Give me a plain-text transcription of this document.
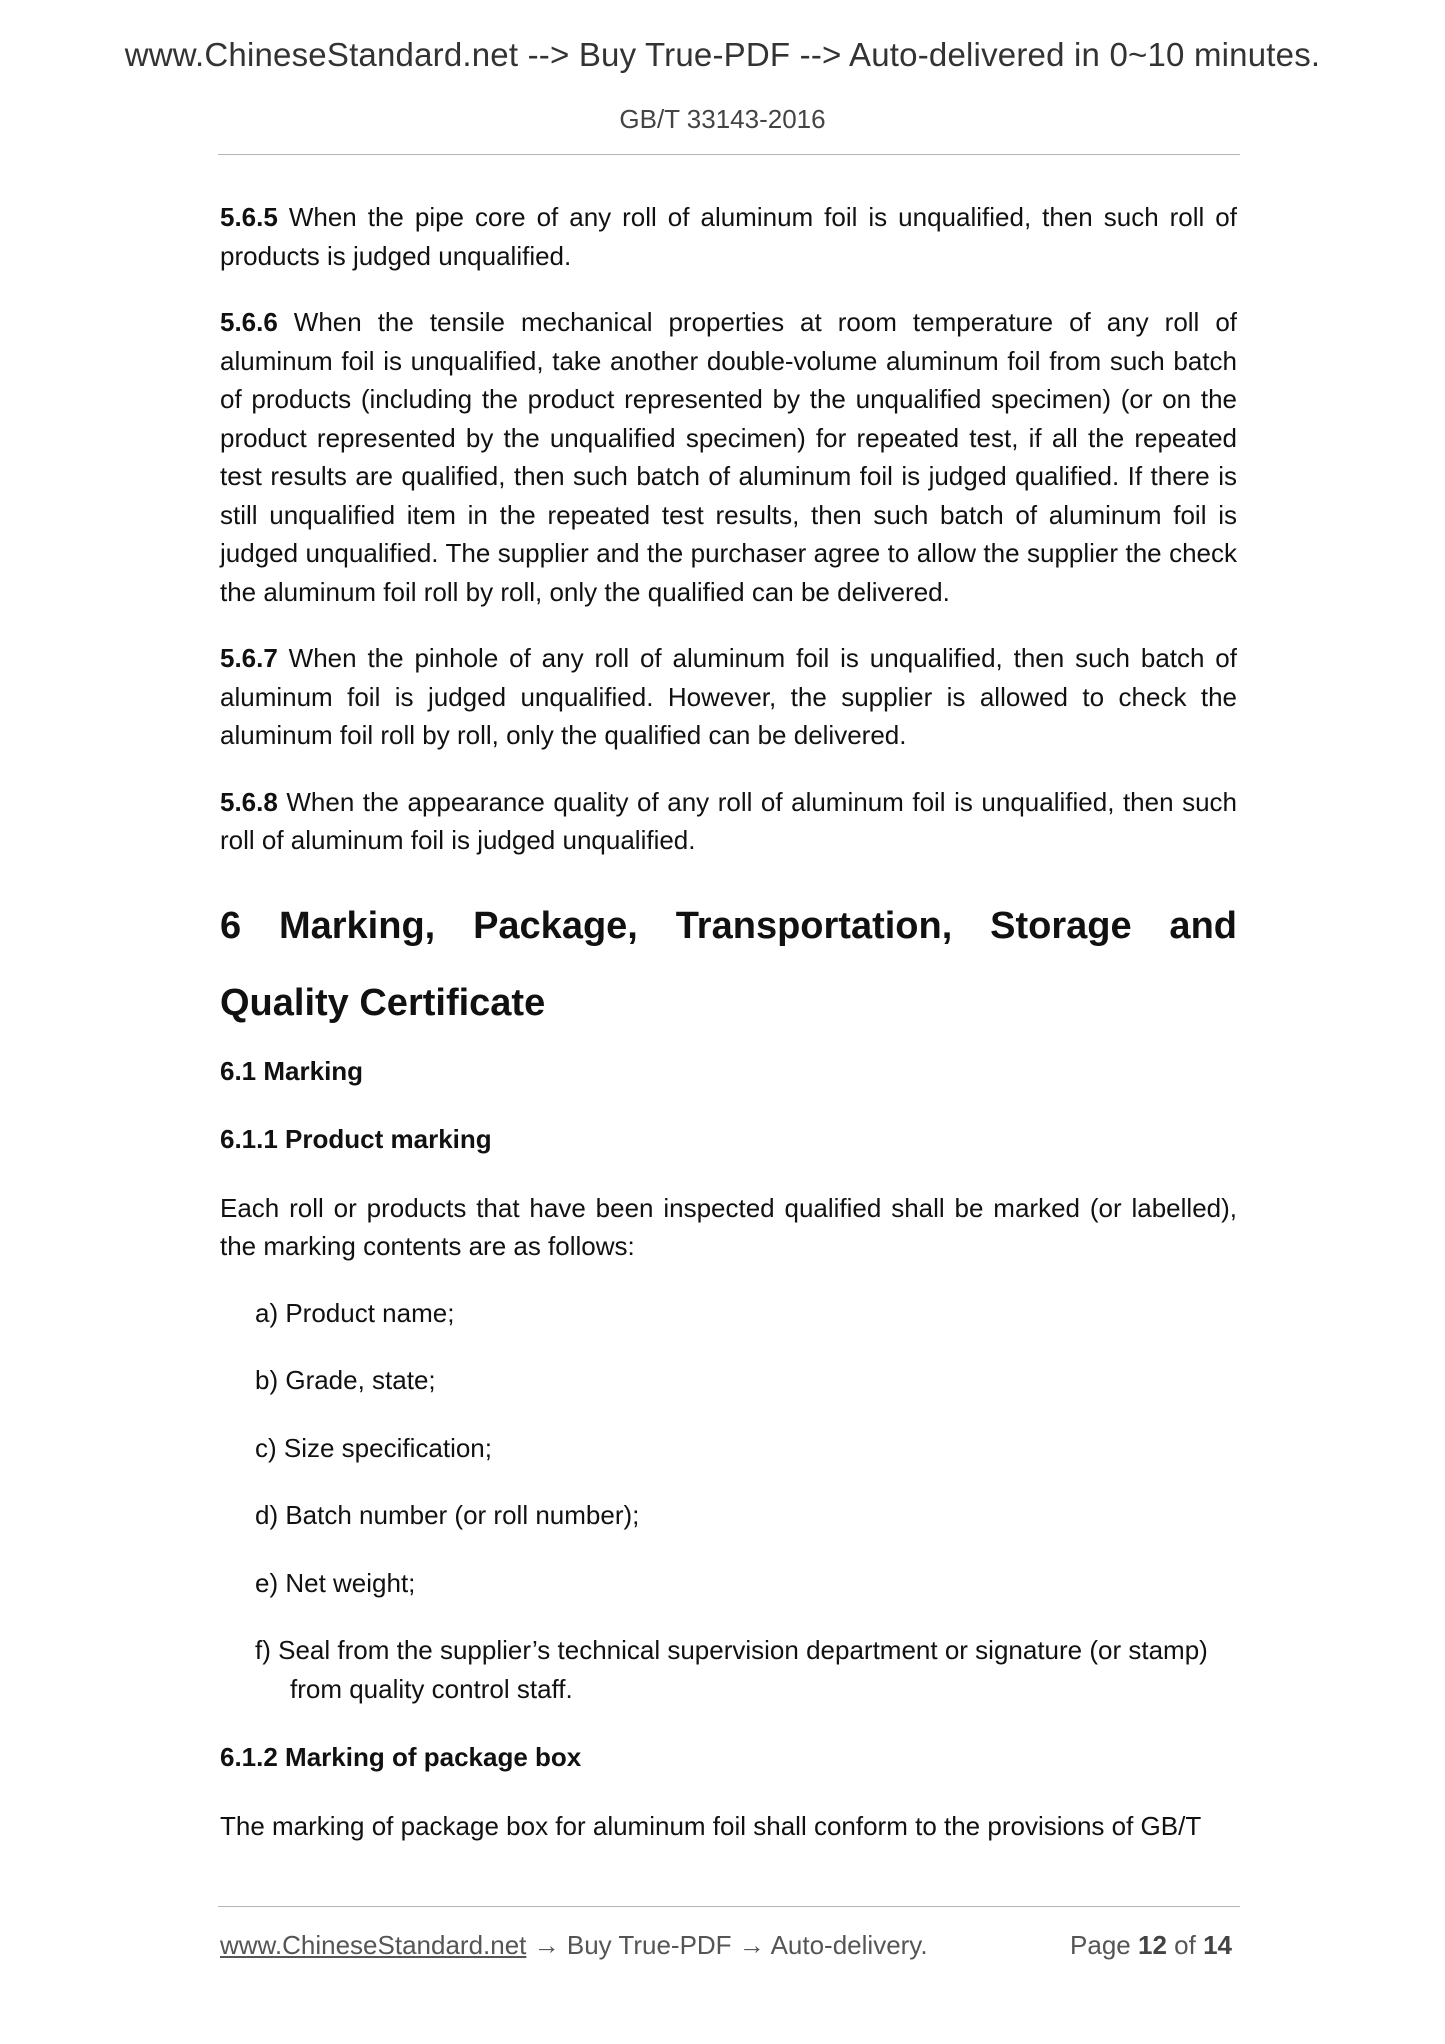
www.ChineseStandard.net --> Buy True-PDF --> Auto-delivered in 0~10 minutes.
GB/T 33143-2016

5.6.5 When the pipe core of any roll of aluminum foil is unqualified, then such roll of products is judged unqualified.

5.6.6 When the tensile mechanical properties at room temperature of any roll of aluminum foil is unqualified, take another double-volume aluminum foil from such batch of products (including the product represented by the unqualified specimen) (or on the product represented by the unqualified specimen) for repeated test, if all the repeated test results are qualified, then such batch of aluminum foil is judged qualified. If there is still unqualified item in the repeated test results, then such batch of aluminum foil is judged unqualified. The supplier and the purchaser agree to allow the supplier the check the aluminum foil roll by roll, only the qualified can be delivered.

5.6.7 When the pinhole of any roll of aluminum foil is unqualified, then such batch of aluminum foil is judged unqualified. However, the supplier is allowed to check the aluminum foil roll by roll, only the qualified can be delivered.

5.6.8 When the appearance quality of any roll of aluminum foil is unqualified, then such roll of aluminum foil is judged unqualified.

6 Marking, Package, Transportation, Storage and
Quality Certificate
6.1 Marking
6.1.1 Product marking

Each roll or products that have been inspected qualified shall be marked (or labelled), the marking contents are as follows:

a) Product name;
b) Grade, state;
c) Size specification;
d) Batch number (or roll number);
e) Net weight;
f) Seal from the supplier’s technical supervision department or signature (or stamp) from quality control staff.
6.1.2 Marking of package box

The marking of package box for aluminum foil shall conform to the provisions of GB/T

www.ChineseStandard.net → Buy True-PDF → Auto-delivery.	Page 12 of 14
